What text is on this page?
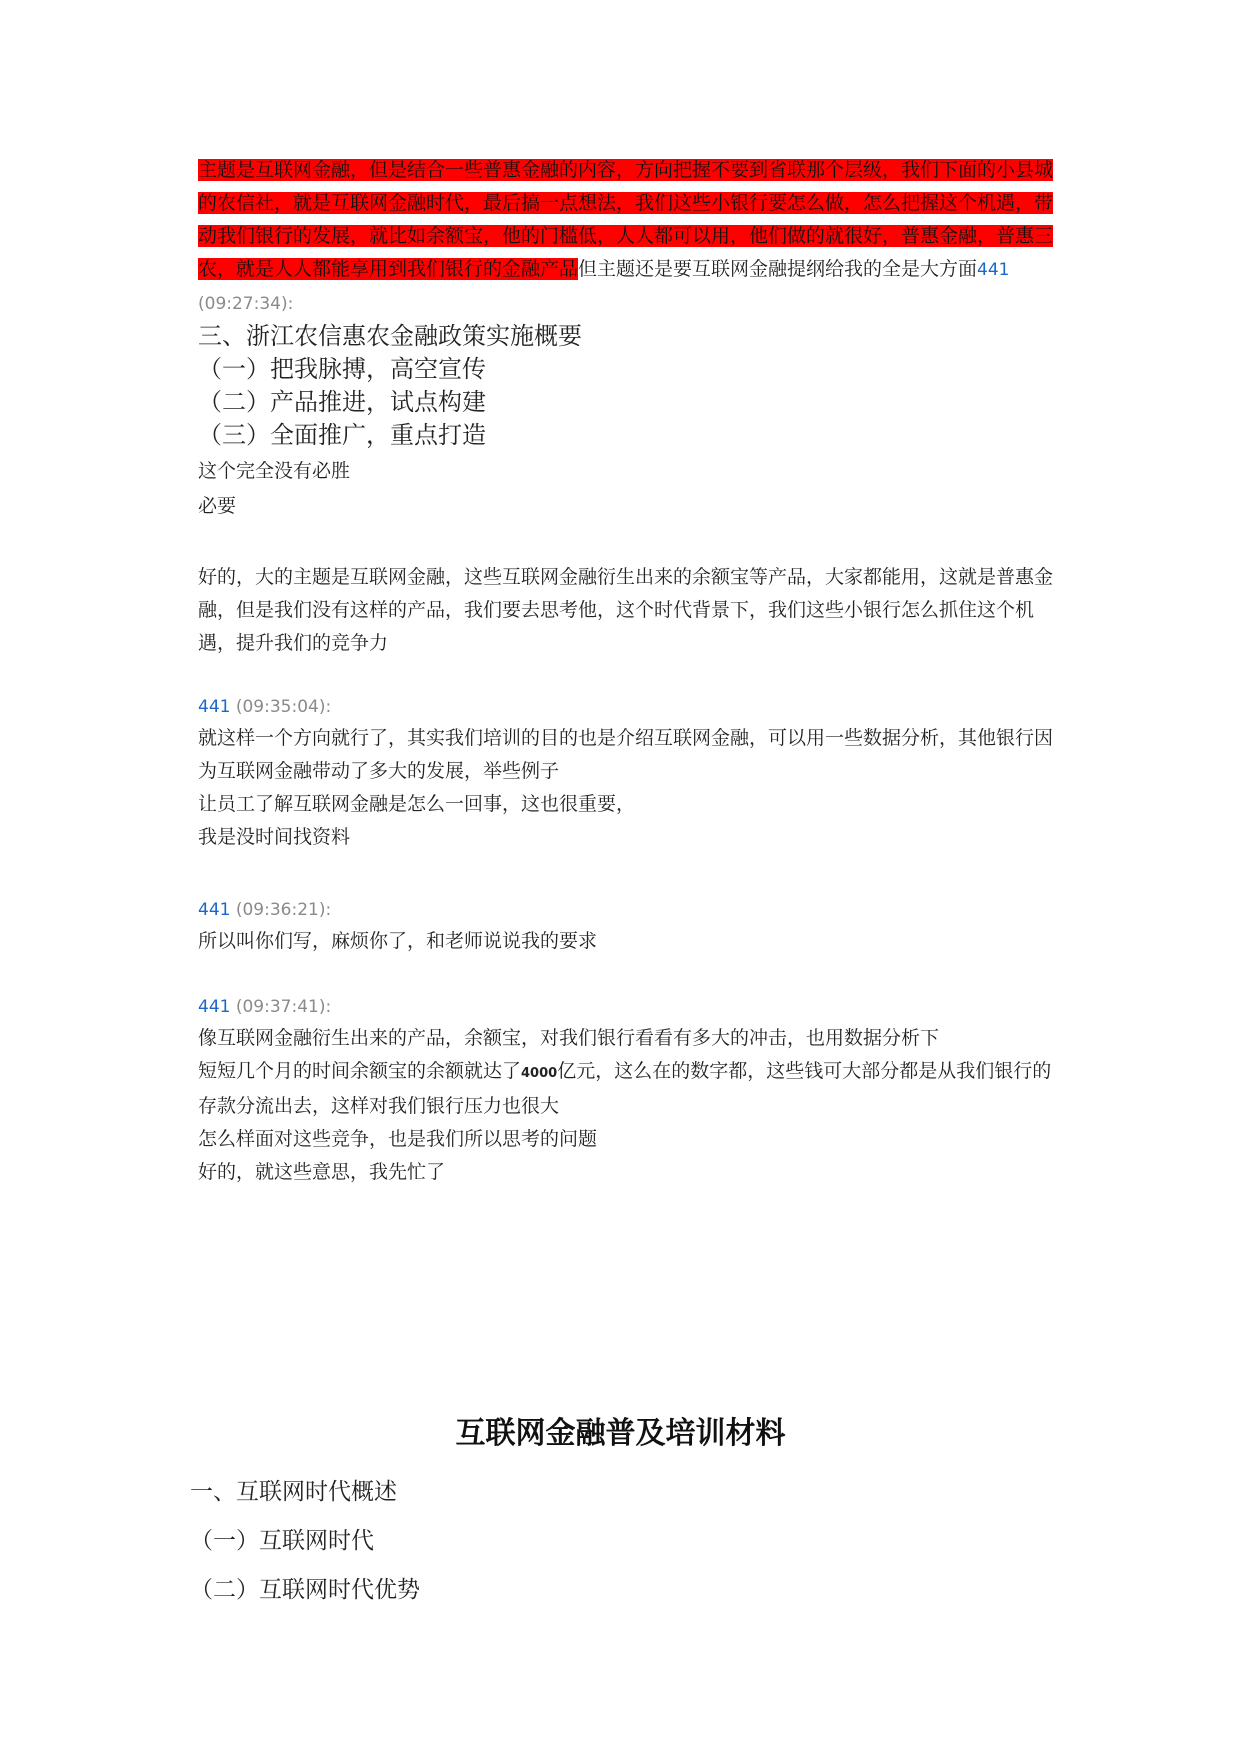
主题是互联网金融，但是结合一些普惠金融的内容，方向把握不要到省联那个层级，我们下面的小县城的农信社，就是互联网金融时代，最后搞一点想法，我们这些小银行要怎么做，怎么把握这个机遇，带动我们银行的发展，就比如余额宝，他的门槛低，人人都可以用，他们做的就很好，普惠金融，普惠三农，就是人人都能享用到我们银行的金融产品但主题还是要互联网金融提纲给我的全是大方面441 (09:27:34):

三、浙江农信惠农金融政策实施概要

（一）把我脉搏，高空宣传

（二）产品推进，试点构建

（三）全面推广，重点打造

这个完全没有必胜

必要

好的，大的主题是互联网金融，这些互联网金融衍生出来的余额宝等产品，大家都能用，这就是普惠金融，但是我们没有这样的产品，我们要去思考他，这个时代背景下，我们这些小银行怎么抓住这个机遇，提升我们的竞争力

441 (09:35:04):

就这样一个方向就行了，其实我们培训的目的也是介绍互联网金融，可以用一些数据分析，其他银行因为互联网金融带动了多大的发展，举些例子

让员工了解互联网金融是怎么一回事，这也很重要，

我是没时间找资料

441 (09:36:21):

所以叫你们写，麻烦你了，和老师说说我的要求

441 (09:37:41):

像互联网金融衍生出来的产品，余额宝，对我们银行看看有多大的冲击，也用数据分析下

短短几个月的时间余额宝的余额就达了4000亿元，这么在的数字都，这些钱可大部分都是从我们银行的存款分流出去，这样对我们银行压力也很大

怎么样面对这些竞争，也是我们所以思考的问题

好的，就这些意思，我先忙了

互联网金融普及培训材料

一、互联网时代概述

（一）互联网时代

（二）互联网时代优势
